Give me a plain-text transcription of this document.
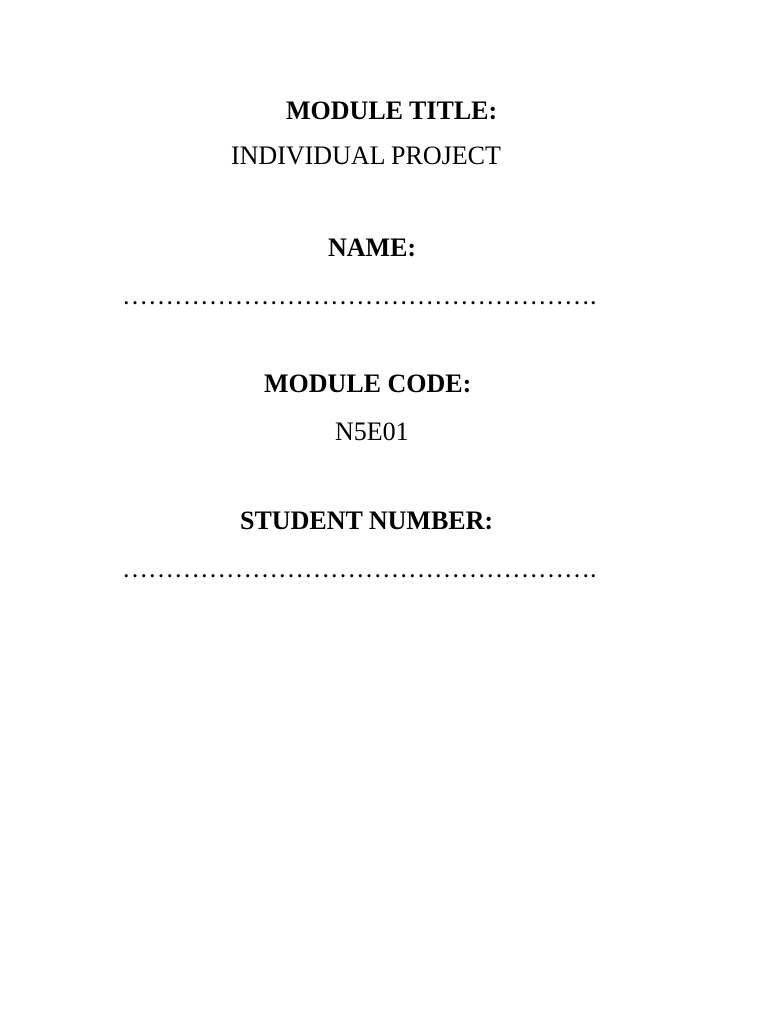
MODULE TITLE:
INDIVIDUAL PROJECT
NAME:
……………………………………………….
MODULE CODE:
N5E01
STUDENT NUMBER:
……………………………………………….
